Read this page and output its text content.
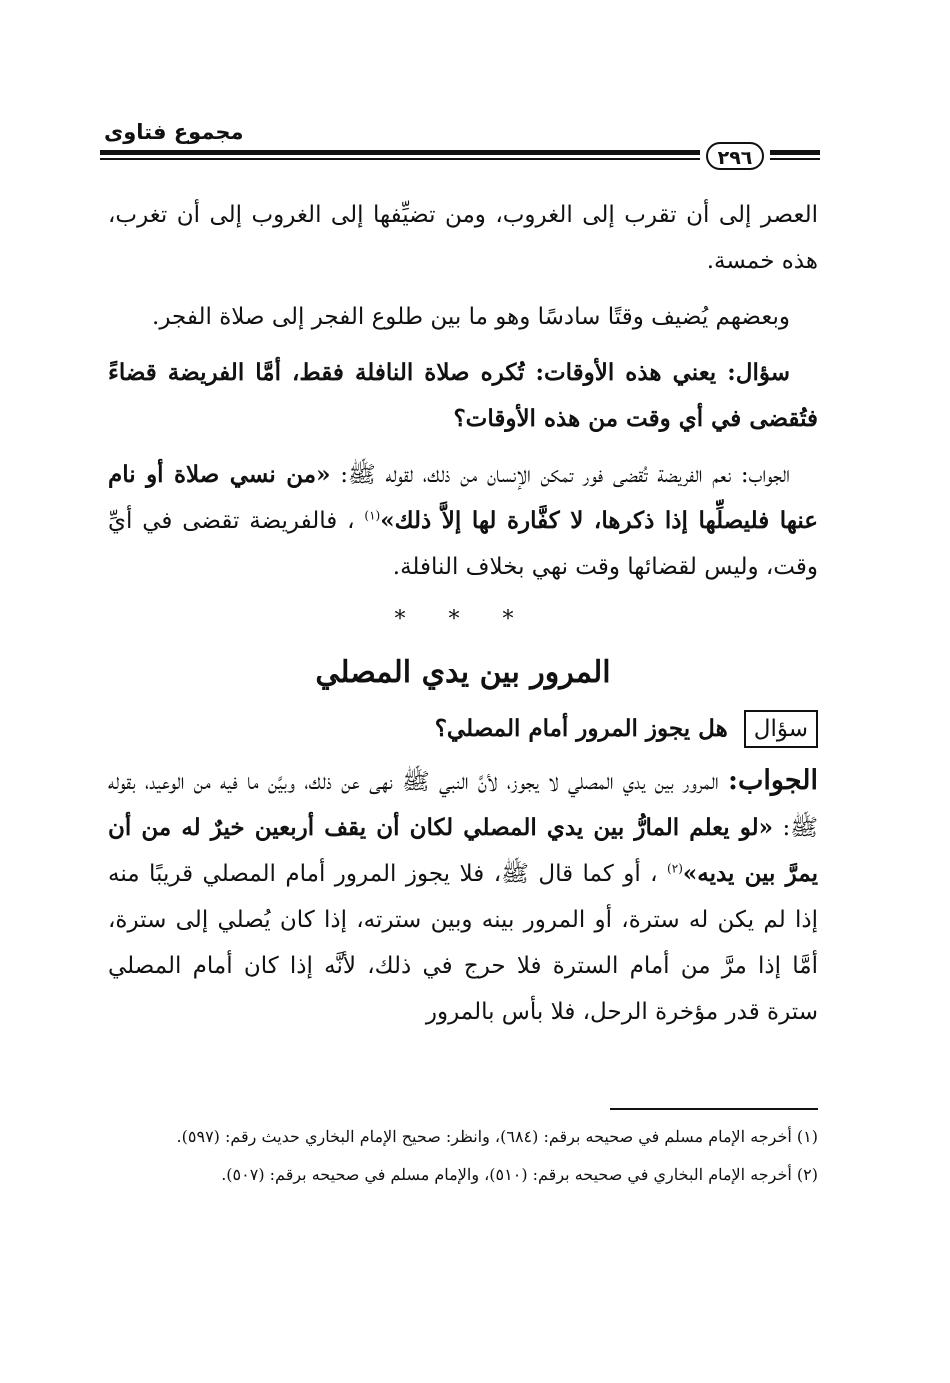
مجموع فتاوى
٢٩٦

العصر إلى أن تقرب إلى الغروب، ومن تضيِّفها إلى الغروب إلى أن تغرب، هذه خمسة.

وبعضهم يُضيف وقتًا سادسًا وهو ما بين طلوع الفجر إلى صلاة الفجر.

سؤال: يعني هذه الأوقات: تُكره صلاة النافلة فقط، أمَّا الفريضة قضاءً فتُقضى في أي وقت من هذه الأوقات؟

الجواب: نعم الفريضة تُقضى فور تمكن الإنسان من ذلك، لقوله ﷺ: «من نسي صلاة أو نام عنها فليصلِّها إذا ذكرها، لا كفَّارة لها إلاَّ ذلك»$^{(١)}$ ، فالفريضة تقضى في أيِّ وقت، وليس لقضائها وقت نهي بخلاف النافلة.

* * *
المرور بين يدي المصلي
سؤال هل يجوز المرور أمام المصلي؟

الجواب: المرور بين يدي المصلي لا يجوز، لأنَّ النبي ﷺ نهى عن ذلك، وبيَّن ما فيه من الوعيد، بقوله ﷺ: «لو يعلم المارُّ بين يدي المصلي لكان أن يقف أربعين خيرٌ له من أن يمرَّ بين يديه»$^{(٢)}$ ، أو كما قال ﷺ، فلا يجوز المرور أمام المصلي قريبًا منه إذا لم يكن له سترة، أو المرور بينه وبين سترته، إذا كان يُصلي إلى سترة، أمَّا إذا مرَّ من أمام السترة فلا حرج في ذلك، لأنَّه إذا كان أمام المصلي سترة قدر مؤخرة الرحل، فلا بأس بالمرور

(١) أخرجه الإمام مسلم في صحيحه برقم: (٦٨٤)، وانظر: صحيح الإمام البخاري حديث رقم: (٥٩٧).

(٢) أخرجه الإمام البخاري في صحيحه برقم: (٥١٠)، والإمام مسلم في صحيحه برقم: (٥٠٧).
